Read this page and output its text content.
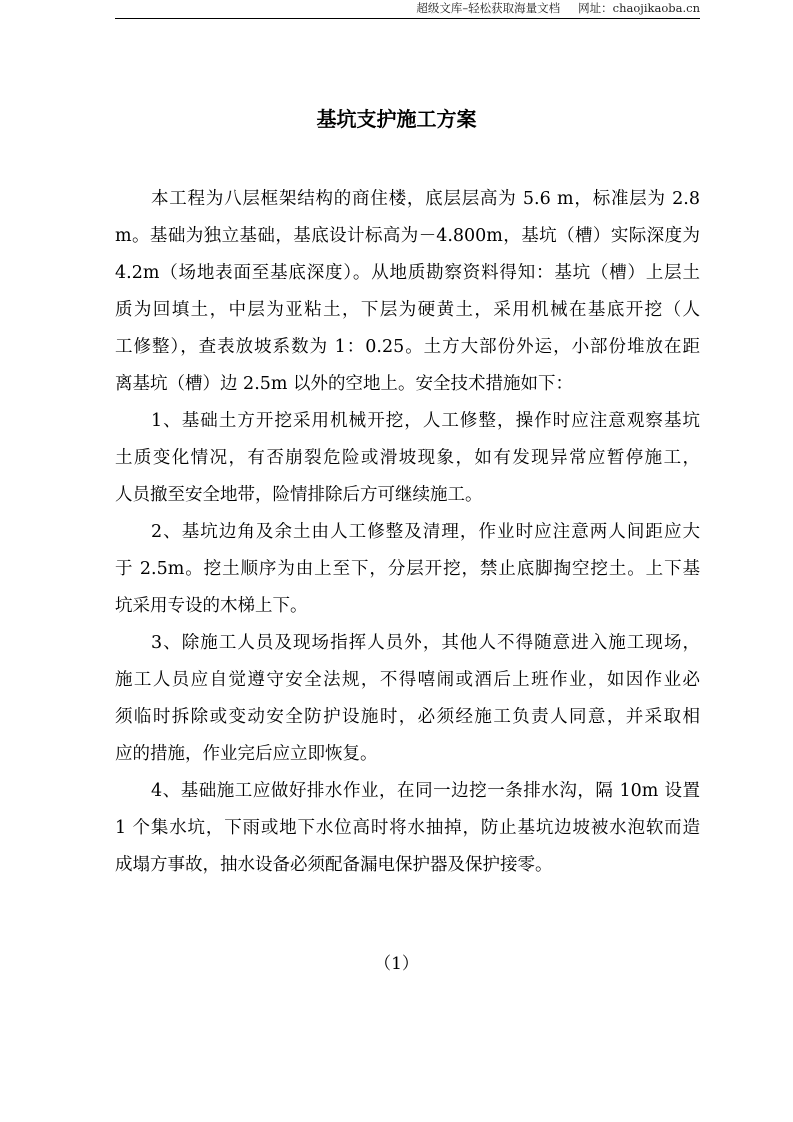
超级文库–轻松获取海量文档 网址：chaojikaoba.cn
基坑支护施工方案
本工程为八层框架结构的商住楼，底层层高为 5.6 m，标准层为 2.8
m。基础为独立基础，基底设计标高为－4.800m，基坑（槽）实际深度为
4.2m（场地表面至基底深度）。从地质勘察资料得知：基坑（槽）上层土
质为回填土，中层为亚粘土，下层为硬黄土，采用机械在基底开挖（人
工修整），查表放坡系数为 1：0.25。土方大部份外运，小部份堆放在距
离基坑（槽）边 2.5m 以外的空地上。安全技术措施如下：
1、基础土方开挖采用机械开挖，人工修整，操作时应注意观察基坑
土质变化情况，有否崩裂危险或滑坡现象，如有发现异常应暂停施工，
人员撤至安全地带，险情排除后方可继续施工。
2、基坑边角及余土由人工修整及清理，作业时应注意两人间距应大
于 2.5m。挖土顺序为由上至下，分层开挖，禁止底脚掏空挖土。上下基
坑采用专设的木梯上下。
3、除施工人员及现场指挥人员外，其他人不得随意进入施工现场，
施工人员应自觉遵守安全法规，不得嘻闹或酒后上班作业，如因作业必
须临时拆除或变动安全防护设施时，必须经施工负责人同意，并采取相
应的措施，作业完后应立即恢复。
4、基础施工应做好排水作业，在同一边挖一条排水沟，隔 10m 设置
1 个集水坑，下雨或地下水位高时将水抽掉，防止基坑边坡被水泡软而造
成塌方事故，抽水设备必须配备漏电保护器及保护接零。
（1）
